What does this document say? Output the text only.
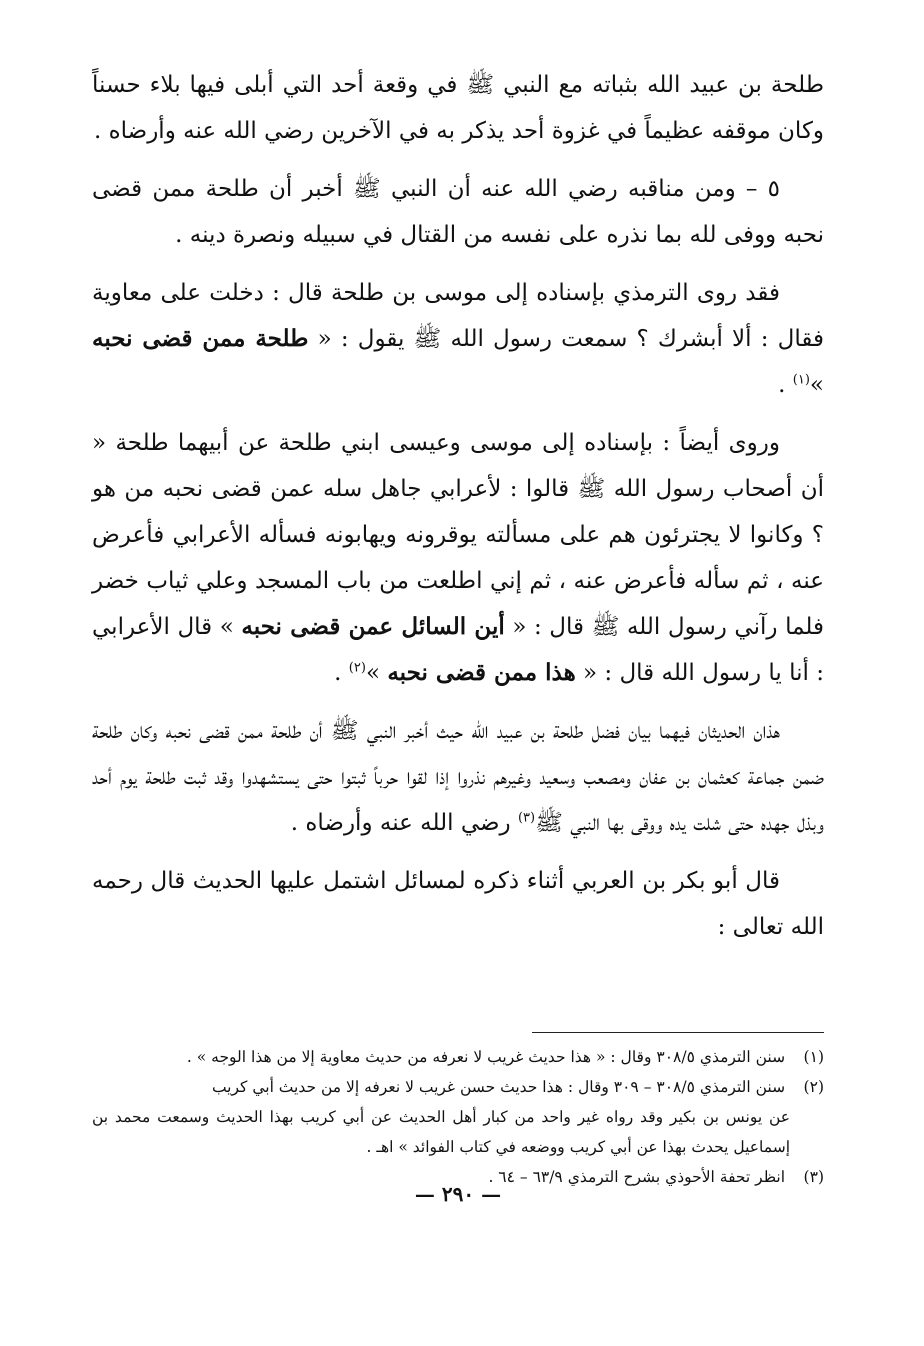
طلحة بن عبيد الله بثباته مع النبي ﷺ في وقعة أحد التي أبلى فيها بلاء حسناً وكان موقفه عظيماً في غزوة أحد يذكر به في الآخرين رضي الله عنه وأرضاه .

٥ – ومن مناقبه رضي الله عنه أن النبي ﷺ أخبر أن طلحة ممن قضى نحبه ووفى لله بما نذره على نفسه من القتال في سبيله ونصرة دينه .

فقد روى الترمذي بإسناده إلى موسى بن طلحة قال : دخلت على معاوية فقال : ألا أبشرك ؟ سمعت رسول الله ﷺ يقول : « طلحة ممن قضى نحبه »$^{(١)}$ .

وروى أيضاً : بإسناده إلى موسى وعيسى ابني طلحة عن أبيهما طلحة « أن أصحاب رسول الله ﷺ قالوا : لأعرابي جاهل سله عمن قضى نحبه من هو ؟ وكانوا لا يجترئون هم على مسألته يوقرونه ويهابونه فسأله الأعرابي فأعرض عنه ، ثم سأله فأعرض عنه ، ثم إني اطلعت من باب المسجد وعلي ثياب خضر فلما رآني رسول الله ﷺ قال : « أين السائل عمن قضى نحبه » قال الأعرابي : أنا يا رسول الله قال : « هذا ممن قضى نحبه »$^{(٢)}$ .

هذان الحديثان فيهما بيان فضل طلحة بن عبيد الله حيث أخبر النبي ﷺ أن طلحة ممن قضى نحبه وكان طلحة ضمن جماعة كعثمان بن عفان ومصعب وسعيد وغيرهم نذروا إذا لقوا حرباً ثبتوا حتى يستشهدوا وقد ثبت طلحة يوم أحد وبذل جهده حتى شلت يده ووقى بها النبي ﷺ$^{(٣)}$ رضي الله عنه وأرضاه .

قال أبو بكر بن العربي أثناء ذكره لمسائل اشتمل عليها الحديث قال رحمه الله تعالى :

(١) سنن الترمذي ٣٠٨/٥ وقال : « هذا حديث غريب لا نعرفه من حديث معاوية إلا من هذا الوجه » .

(٢) سنن الترمذي ٣٠٨/٥ – ٣٠٩ وقال : هذا حديث حسن غريب لا نعرفه إلا من حديث أبي كريب

عن يونس بن بكير وقد رواه غير واحد من كبار أهل الحديث عن أبي كريب بهذا الحديث وسمعت محمد بن إسماعيل يحدث بهذا عن أبي كريب ووضعه في كتاب الفوائد » اهـ .

(٣) انظر تحفة الأحوذي بشرح الترمذي ٦٣/٩ – ٦٤ .

— ٢٩٠ —
